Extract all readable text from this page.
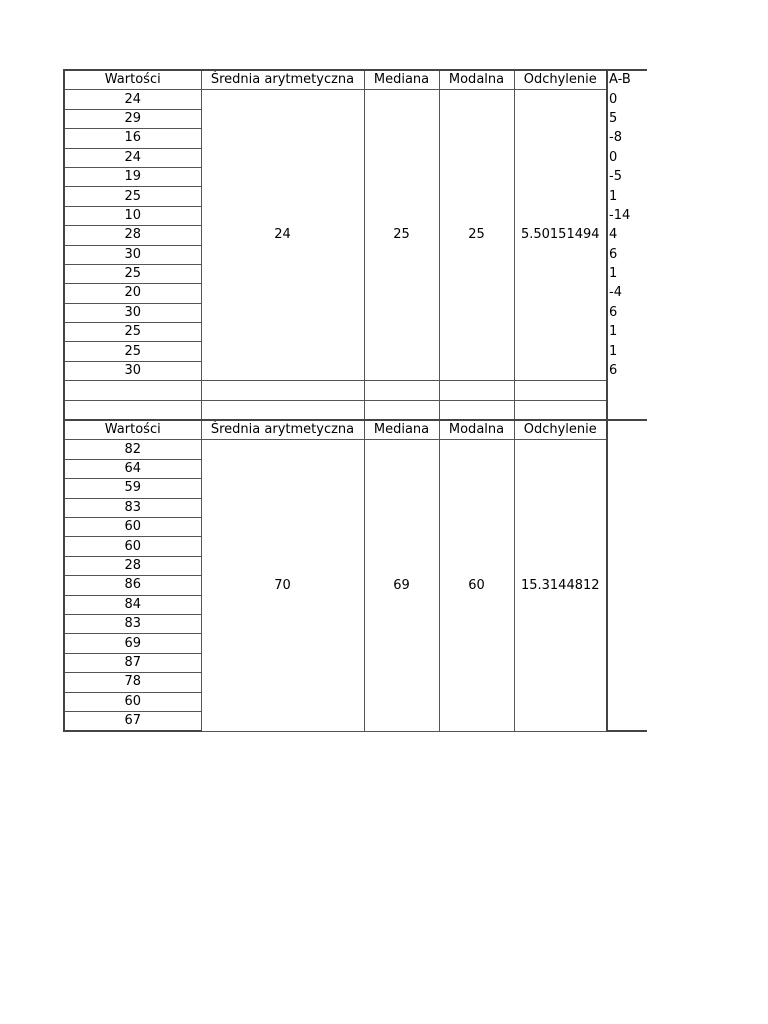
Wartości	Średnia arytmetyczna	Mediana	Modalna	Odchylenie	A-B
24	24	25	25	5.50151494	0
29					5
16					-8
24					0
19					-5
25					1
10					-14
28					4
30					6
25					1
20					-4
30					6
25					1
25					1
30					6

Wartości	Średnia arytmetyczna	Mediana	Modalna	Odchylenie	
82	70	69	60	15.3144812	
64					
59					
83					
60					
60					
28					
86					
84					
83					
69					
87					
78					
60					
67					
